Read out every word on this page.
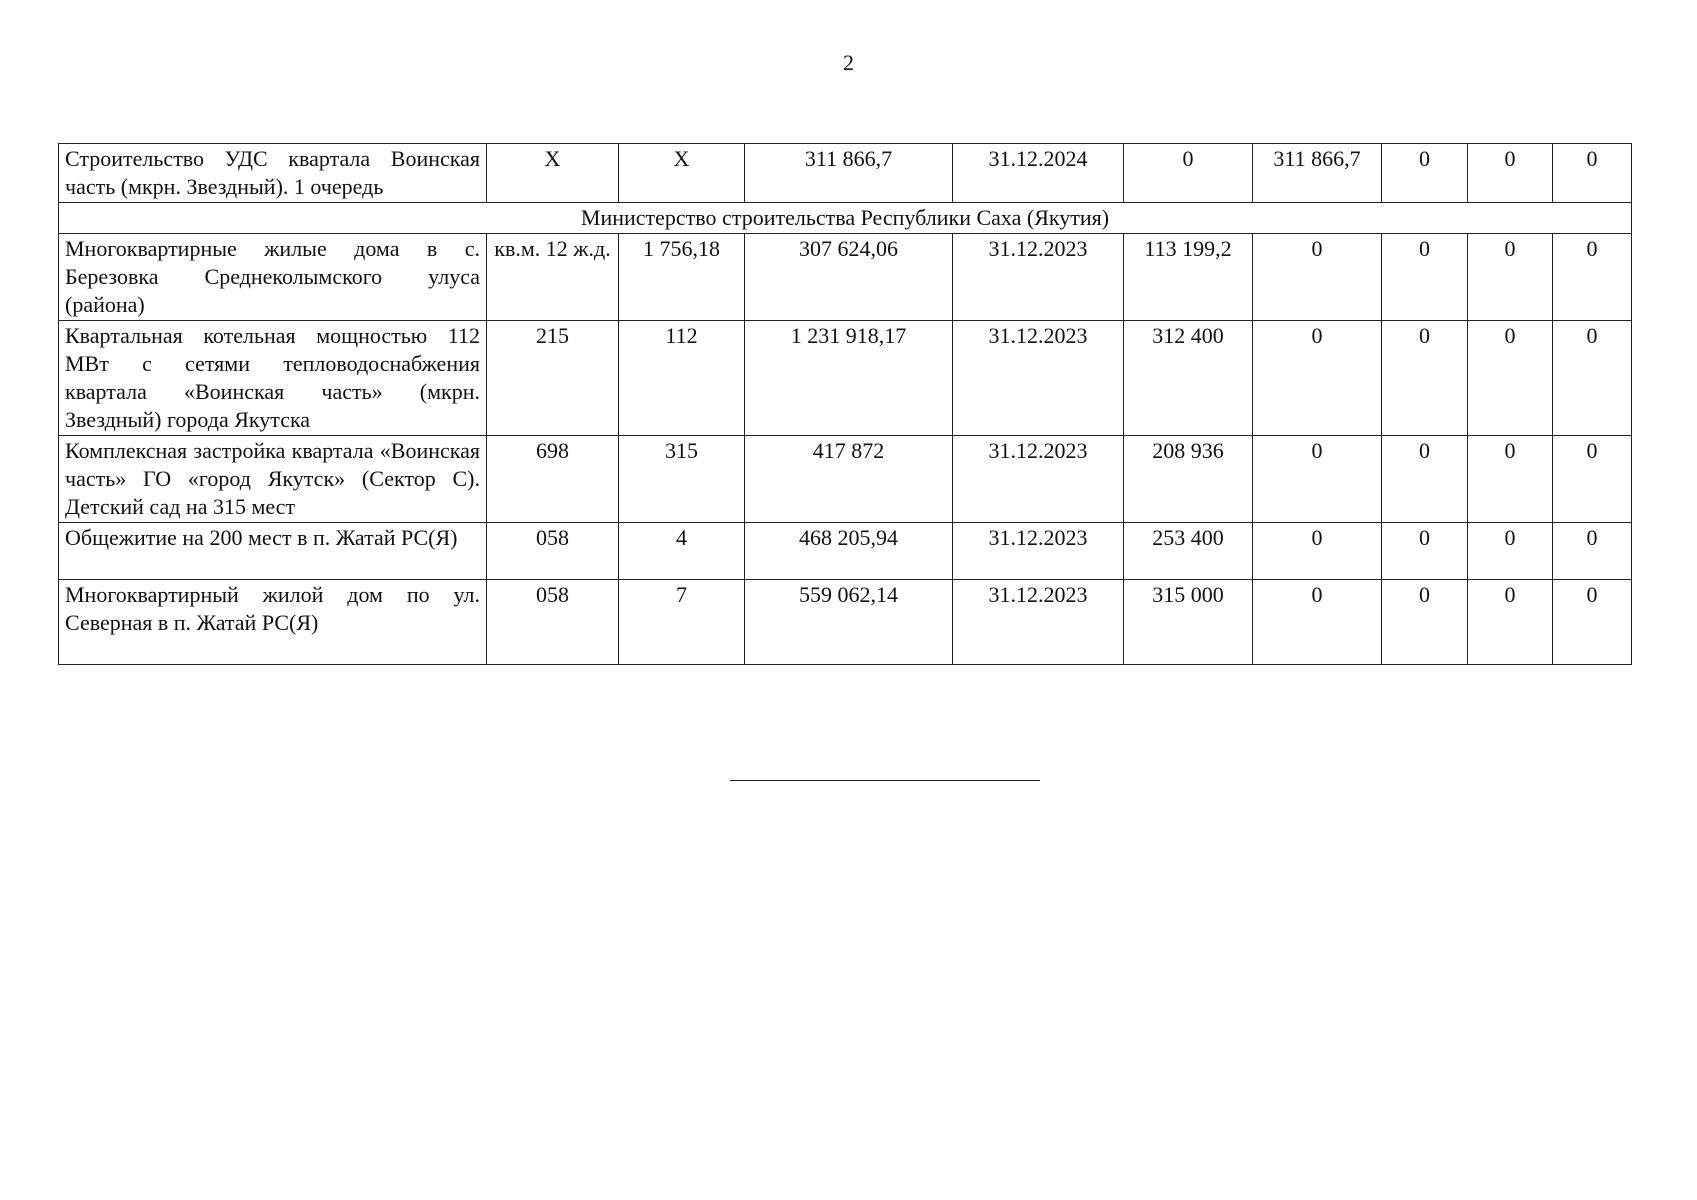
2
Строительство УДС квартала Воинская часть (мкрн. Звездный). 1 очередь	Х	Х	311 866,7	31.12.2024	0	311 866,7	0	0	0
Министерство строительства Республики Саха (Якутия)									
Многоквартирные жилые дома в с. Березовка Среднеколымского улуса (района)	кв.м. 12 ж.д.	1 756,18	307 624,06	31.12.2023	113 199,2	0	0	0	0
Квартальная котельная мощностью 112 МВт с сетями тепловодоснабжения квартала «Воинская часть» (мкрн. Звездный) города Якутска	215	112	1 231 918,17	31.12.2023	312 400	0	0	0	0
Комплексная застройка квартала «Воинская часть» ГО «город Якутск» (Сектор С). Детский сад на 315 мест	698	315	417 872	31.12.2023	208 936	0	0	0	0
Общежитие на 200 мест в п. Жатай РС(Я)	058	4	468 205,94	31.12.2023	253 400	0	0	0	0
Многоквартирный жилой дом по ул. Северная в п. Жатай РС(Я)	058	7	559 062,14	31.12.2023	315 000	0	0	0	0
